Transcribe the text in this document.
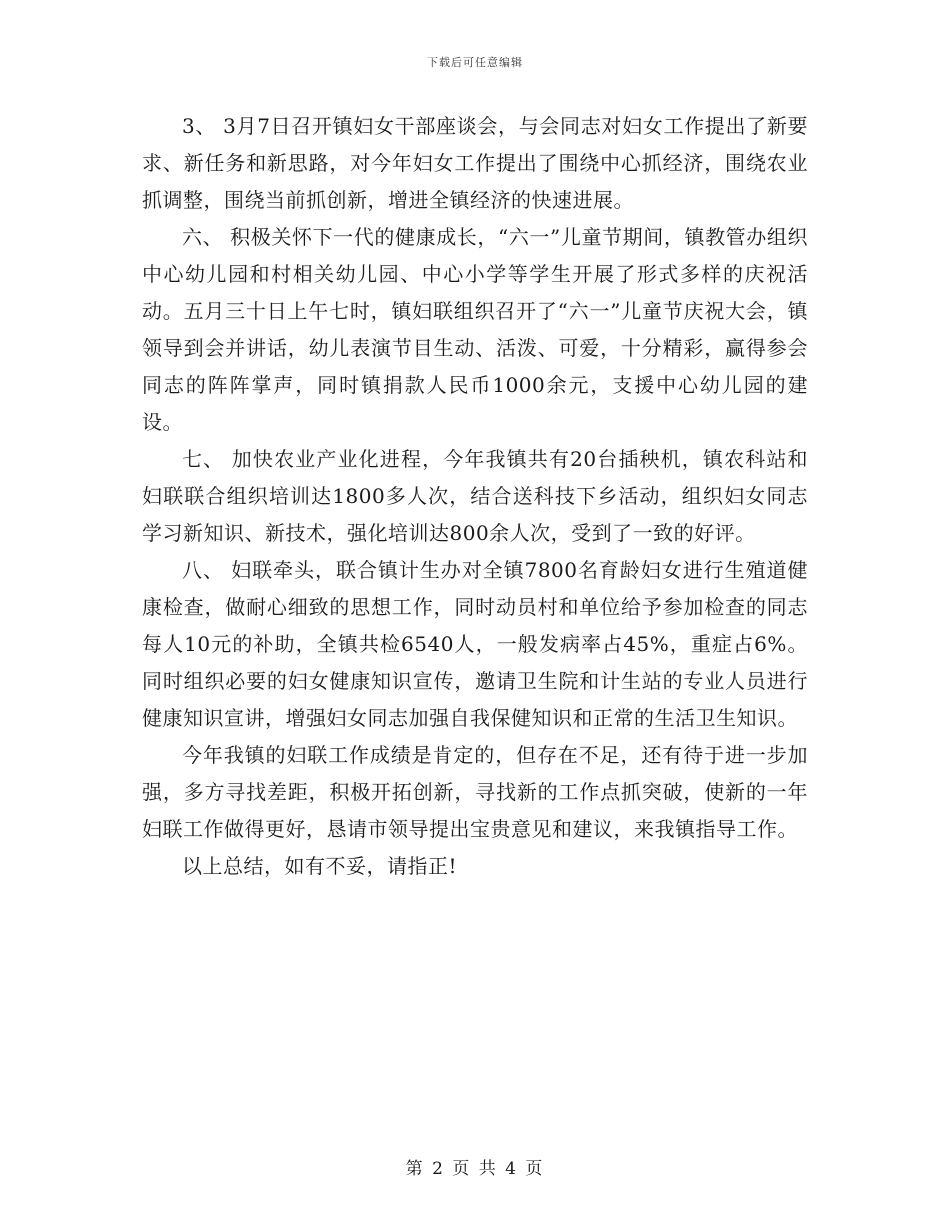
下载后可任意编辑

3、 3月7日召开镇妇女干部座谈会，与会同志对妇女工作提出了新要求、新任务和新思路，对今年妇女工作提出了围绕中心抓经济，围绕农业抓调整，围绕当前抓创新，增进全镇经济的快速进展。

六、 积极关怀下一代的健康成长，“六一”儿童节期间，镇教管办组织中心幼儿园和村相关幼儿园、中心小学等学生开展了形式多样的庆祝活动。五月三十日上午七时，镇妇联组织召开了“六一”儿童节庆祝大会，镇领导到会并讲话，幼儿表演节目生动、活泼、可爱，十分精彩，赢得参会同志的阵阵掌声，同时镇捐款人民币1000余元，支援中心幼儿园的建设。

七、 加快农业产业化进程，今年我镇共有20台插秧机，镇农科站和妇联联合组织培训达1800多人次，结合送科技下乡活动，组织妇女同志学习新知识、新技术，强化培训达800余人次，受到了一致的好评。

八、 妇联牵头，联合镇计生办对全镇7800名育龄妇女进行生殖道健康检查，做耐心细致的思想工作，同时动员村和单位给予参加检查的同志每人10元的补助，全镇共检6540人，一般发病率占45%，重症占6%。同时组织必要的妇女健康知识宣传，邀请卫生院和计生站的专业人员进行健康知识宣讲，增强妇女同志加强自我保健知识和正常的生活卫生知识。

今年我镇的妇联工作成绩是肯定的，但存在不足，还有待于进一步加强，多方寻找差距，积极开拓创新，寻找新的工作点抓突破，使新的一年妇联工作做得更好，恳请市领导提出宝贵意见和建议，来我镇指导工作。

以上总结，如有不妥，请指正!

第 2 页 共 4 页
